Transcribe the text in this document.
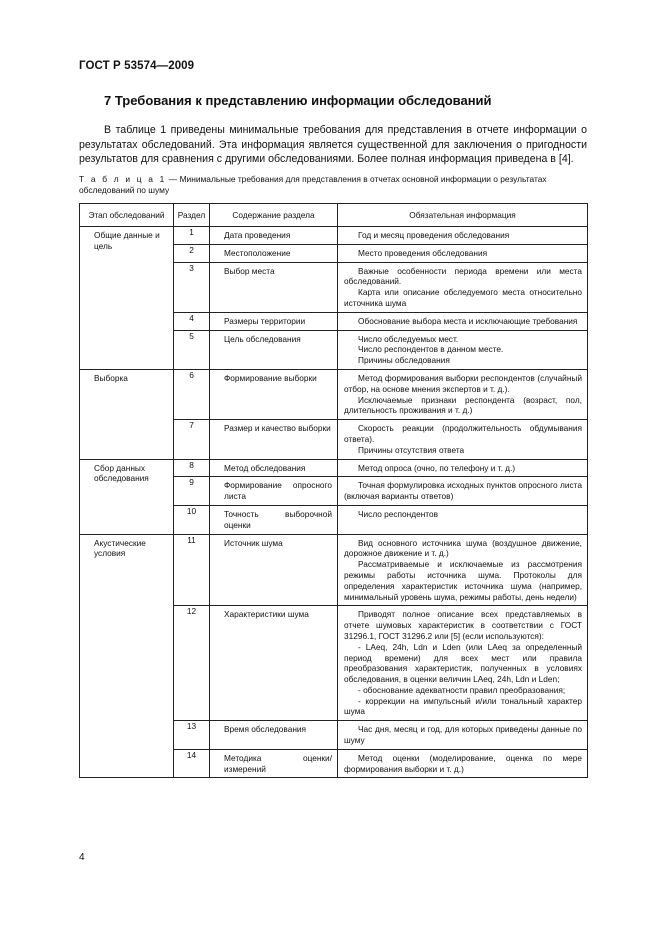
ГОСТ Р 53574—2009
7 Требования к представлению информации обследований

В таблице 1 приведены минимальные требования для представления в отчете информации о результатах обследований. Эта информация является существенной для заключения о пригодности результатов для сравнения с другими обследованиями. Более полная информация приведена в [4].

Т а б л и ц а 1 — Минимальные требования для представления в отчетах основной информации о результатах обследований по шуму

Этап обследований	Раздел	Содержание раздела	Обязательная информация

Общие данные и цель	1	Дата проведения	Год и месяц проведения обследования

	2	Местоположение	Место проведения обследования

	3	Выбор места	Важные особенности периода времени или места обследований.
Карта или описание обследуемого места относительно источника шума

	4	Размеры территории	Обоснование выбора места и исключающие требования

	5	Цель обследования	Число обследуемых мест.
Число респондентов в данном месте.
Причины обследования

Выборка	6	Формирование выборки	Метод формирования выборки респондентов (случайный отбор, на основе мнения экспертов и т. д.).
Исключаемые признаки респондента (возраст, пол, длительность проживания и т. д.)

	7	Размер и качество выборки	Скорость реакции (продолжительность обдумывания ответа).
Причины отсутствия ответа

Сбор данных обследования	8	Метод обследования	Метод опроса (очно, по телефону и т. д.)

	9	Формирование опросного листа	Точная формулировка исходных пунктов опросного листа (включая варианты ответов)

	10	Точность выборочной оценки	Число респондентов

Акустические условия	11	Источник шума	Вид основного источника шума (воздушное движение, дорожное движение и т. д.)
Рассматриваемые и исключаемые из рассмотрения режимы работы источника шума. Протоколы для определения характеристик источника шума (например, минимальный уровень шума, режимы работы, день недели)

	12	Характеристики шума	Приводят полное описание всех представляемых в отчете шумовых характеристик в соответствии с ГОСТ 31296.1, ГОСТ 31296.2 или [5] (если используются):
- LAeq, 24h, Ldn и Lden (или LAeq за определенный период времени) для всех мест или правила преобразования характеристик, полученных в условиях обследования, в оценки величин LAeq, 24h, Ldn и Lden;
- обоснование адекватности правил преобразования;
- коррекции на импульсный и/или тональный характер шума

	13	Время обследования	Час дня, месяц и год, для которых приведены данные по шуму

	14	Методика оценки/измерений	Метод оценки (моделирование, оценка по мере формирования выборки и т. д.)
4
